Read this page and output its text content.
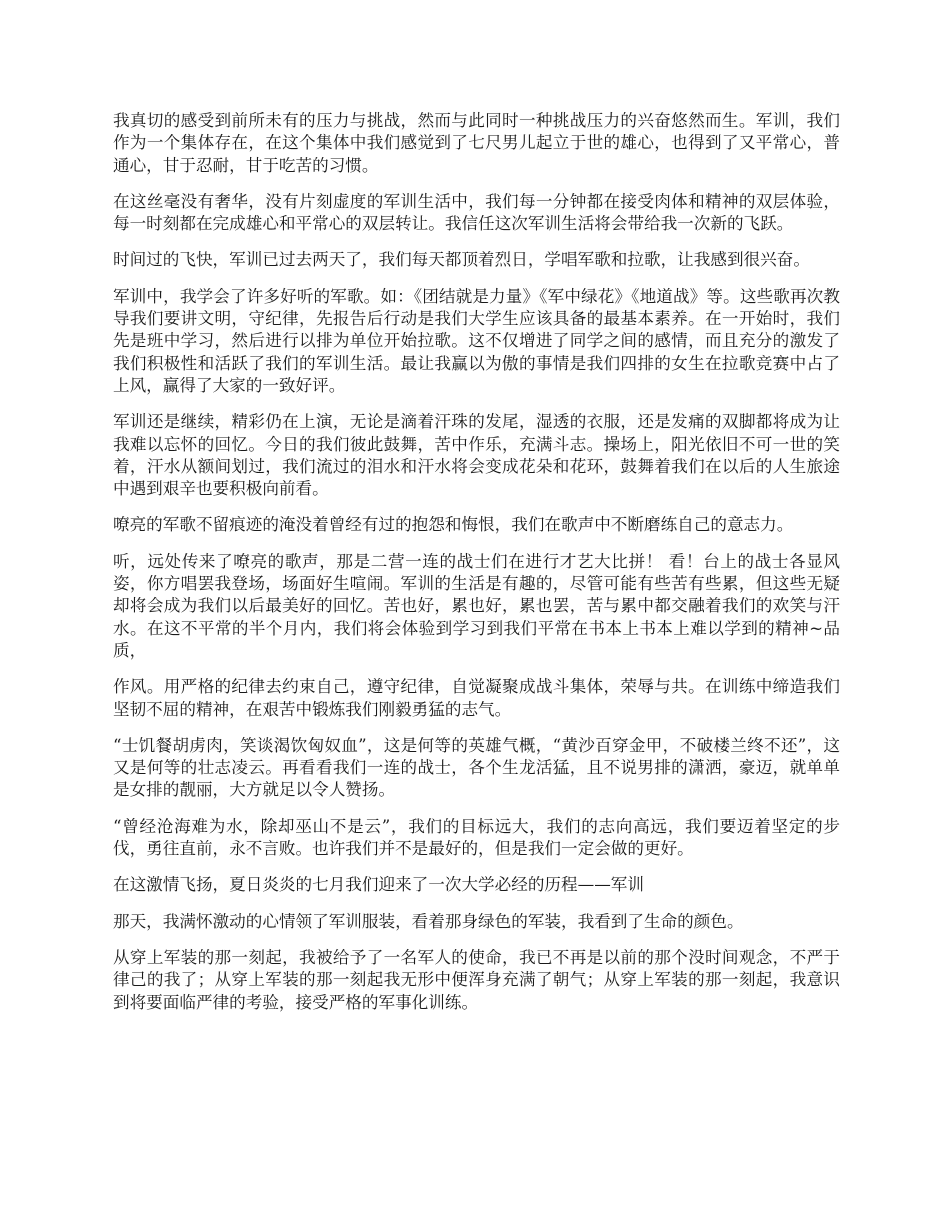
我真切的感受到前所未有的压力与挑战，然而与此同时一种挑战压力的兴奋悠然而生。军训，我们作为一个集体存在，在这个集体中我们感觉到了七尺男儿起立于世的雄心，也得到了又平常心，普通心，甘于忍耐，甘于吃苦的习惯。

在这丝毫没有奢华，没有片刻虚度的军训生活中，我们每一分钟都在接受肉体和精神的双层体验，每一时刻都在完成雄心和平常心的双层转让。我信任这次军训生活将会带给我一次新的飞跃。

时间过的飞快，军训已过去两天了，我们每天都顶着烈日，学唱军歌和拉歌，让我感到很兴奋。

军训中，我学会了许多好听的军歌。如：《团结就是力量》《军中绿花》《地道战》等。这些歌再次教导我们要讲文明，守纪律，先报告后行动是我们大学生应该具备的最基本素养。在一开始时，我们先是班中学习，然后进行以排为单位开始拉歌。这不仅增进了同学之间的感情，而且充分的激发了我们积极性和活跃了我们的军训生活。最让我赢以为傲的事情是我们四排的女生在拉歌竞赛中占了上风，赢得了大家的一致好评。

军训还是继续，精彩仍在上演，无论是滴着汗珠的发尾，湿透的衣服，还是发痛的双脚都将成为让我难以忘怀的回忆。今日的我们彼此鼓舞，苦中作乐，充满斗志。操场上，阳光依旧不可一世的笑着，汗水从额间划过，我们流过的泪水和汗水将会变成花朵和花环，鼓舞着我们在以后的人生旅途中遇到艰辛也要积极向前看。

嘹亮的军歌不留痕迹的淹没着曾经有过的抱怨和悔恨，我们在歌声中不断磨练自己的意志力。

听，远处传来了嘹亮的歌声，那是二营一连的战士们在进行才艺大比拼！ 看！台上的战士各显风姿，你方唱罢我登场，场面好生喧闹。军训的生活是有趣的，尽管可能有些苦有些累，但这些无疑却将会成为我们以后最美好的回忆。苦也好，累也好，累也罢，苦与累中都交融着我们的欢笑与汗水。在这不平常的半个月内，我们将会体验到学习到我们平常在书本上书本上难以学到的精神~品质，

作风。用严格的纪律去约束自己，遵守纪律，自觉凝聚成战斗集体，荣辱与共。在训练中缔造我们坚韧不屈的精神，在艰苦中锻炼我们刚毅勇猛的志气。

“士饥餐胡虏肉，笑谈渴饮匈奴血”，这是何等的英雄气概，“黄沙百穿金甲，不破楼兰终不还”，这又是何等的壮志凌云。再看看我们一连的战士，各个生龙活猛，且不说男排的潇洒，豪迈，就单单是女排的靓丽，大方就足以令人赞扬。

“曾经沧海难为水，除却巫山不是云”，我们的目标远大，我们的志向高远，我们要迈着坚定的步伐，勇往直前，永不言败。也许我们并不是最好的，但是我们一定会做的更好。

在这激情飞扬，夏日炎炎的七月我们迎来了一次大学必经的历程——军训

那天，我满怀激动的心情领了军训服装，看着那身绿色的军装，我看到了生命的颜色。

从穿上军装的那一刻起，我被给予了一名军人的使命，我已不再是以前的那个没时间观念，不严于律己的我了；从穿上军装的那一刻起我无形中便浑身充满了朝气；从穿上军装的那一刻起，我意识到将要面临严律的考验，接受严格的军事化训练。
